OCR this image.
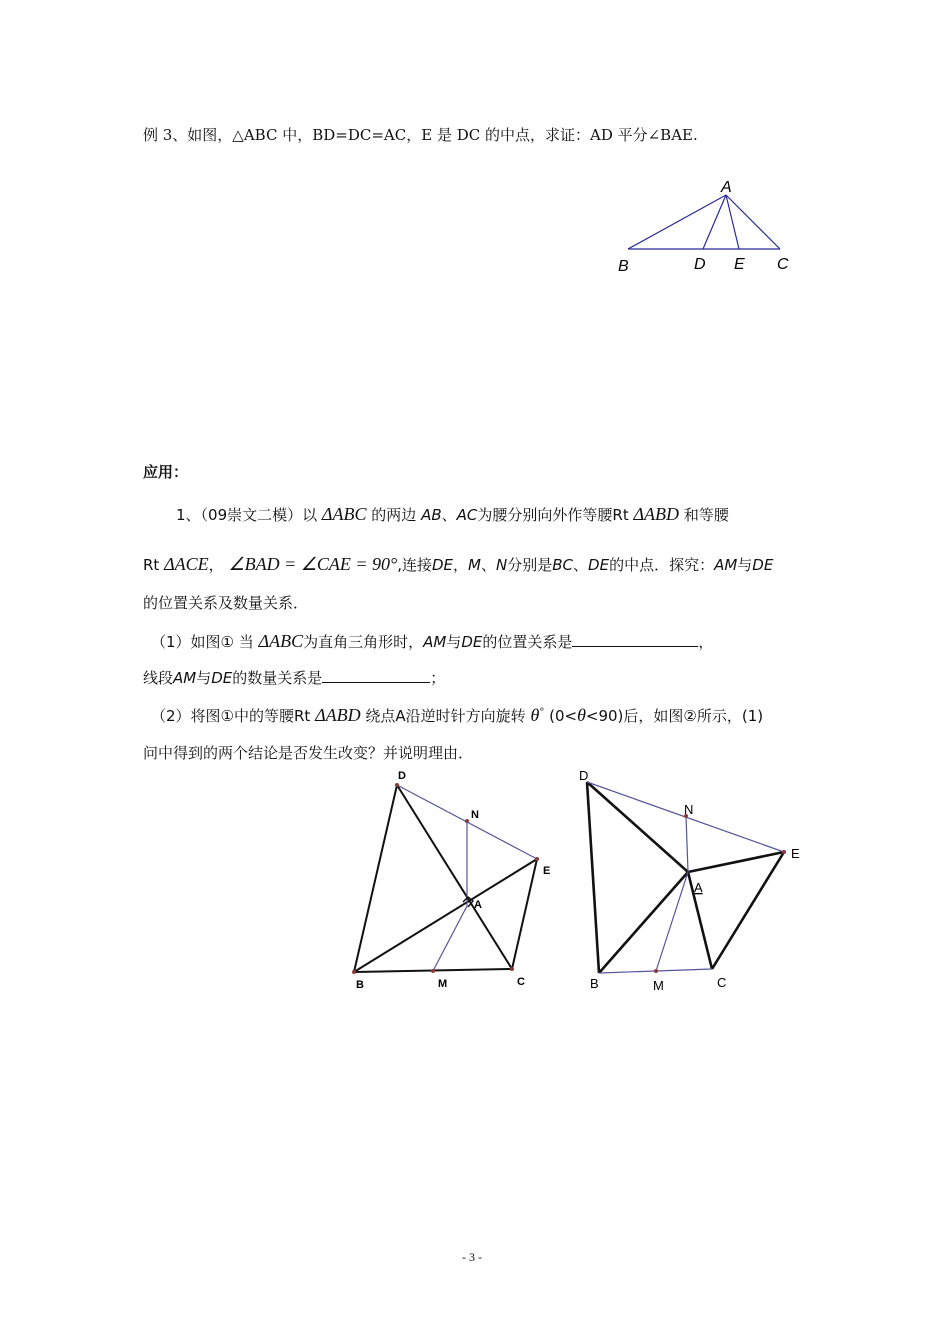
例 3、如图，△ABC 中，BD=DC=AC，E 是 DC 的中点，求证：AD 平分∠BAE.
A
B	D E C
应用：
1、（09崇文二模）以 ΔABC 的两边 AB、AC为腰分别向外作等腰Rt ΔABD 和等腰
Rt ΔACE， ∠BAD = ∠CAE = 90°,连接DE，M、N分别是BC、DE的中点．探究：AM与DE
的位置关系及数量关系．
（1）如图① 当 ΔABC为直角三角形时，AM与DE的位置关系是	，
线段AM与DE的数量关系是	；
（2）将图①中的等腰Rt ΔABD 绕点A沿逆时针方向旋转 θ° (0<θ<90)后，如图②所示，(1)
问中得到的两个结论是否发生改变？并说明理由．
D
N
E
A
B	M	C
D
N
E
A
B	M	C
- 3 -
